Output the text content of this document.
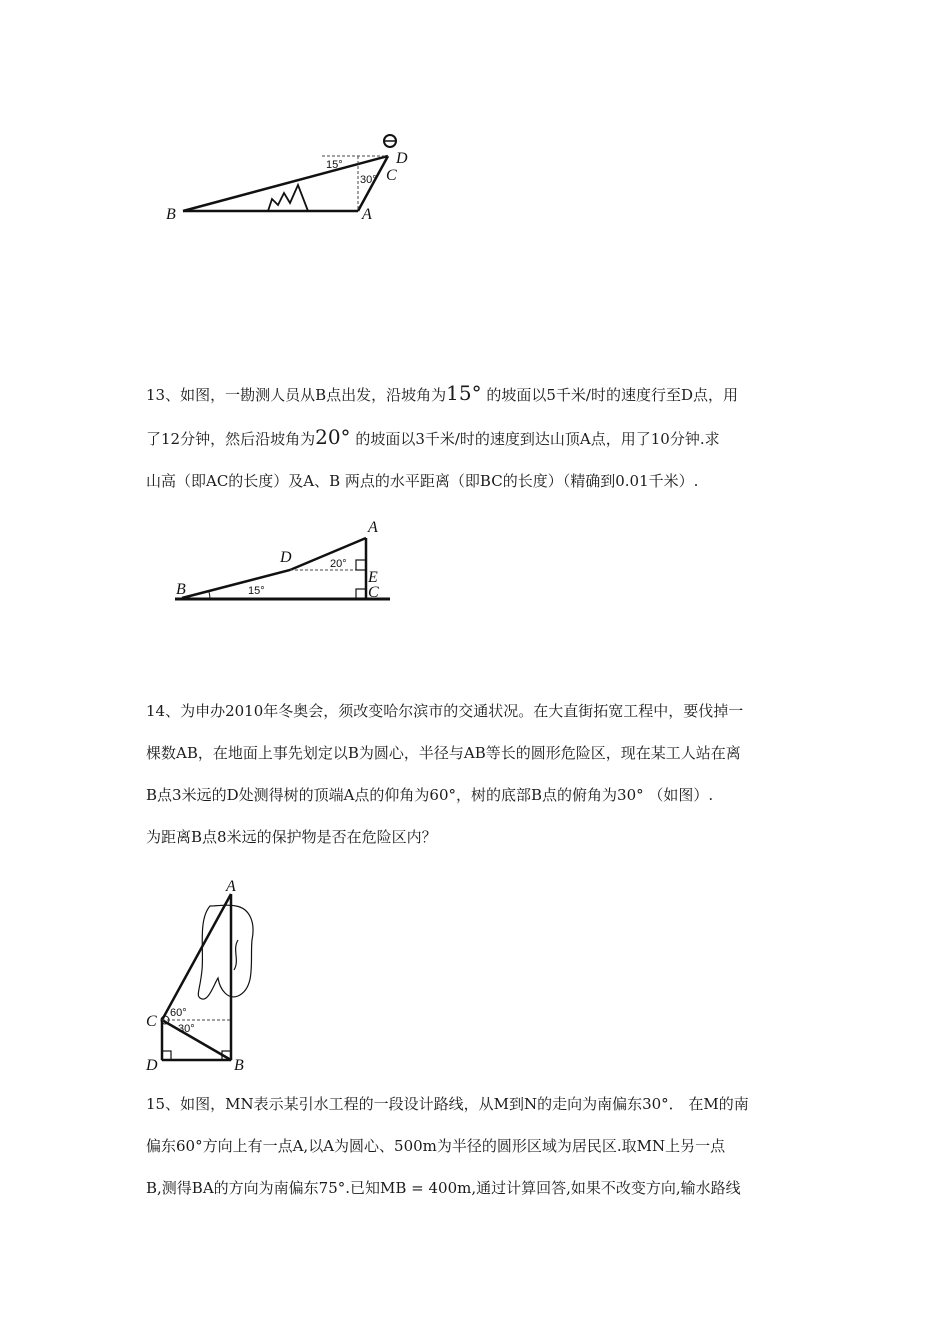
B	A
C
D
15°
30°

13、如图，一勘测人员从B点出发，沿坡角为15° 的坡面以5千米/时的速度行至D点，用

了12分钟，然后沿坡角为20° 的坡面以3千米/时的速度到达山顶A点，用了10分钟.求

山高（即AC的长度）及A、B 两点的水平距离（即BC的长度）（精确到0.01千米）.

B
A
C
D
E
15°
20°

14、为申办2010年冬奥会，须改变哈尔滨市的交通状况。在大直街拓宽工程中，要伐掉一

棵数AB，在地面上事先划定以B为圆心，半径与AB等长的圆形危险区，现在某工人站在离

B点3米远的D处测得树的顶端A点的仰角为60°，树的底部B点的俯角为30° （如图）.

为距离B点8米远的保护物是否在危险区内？

A
C
D	B
60°
30°

15、如图，MN表示某引水工程的一段设计路线，从M到N的走向为南偏东30°． 在M的南

偏东60°方向上有一点A,以A为圆心、500m为半径的圆形区域为居民区.取MN上另一点

B,测得BA的方向为南偏东75°.已知MB = 400m,通过计算回答,如果不改变方向,输水路线
